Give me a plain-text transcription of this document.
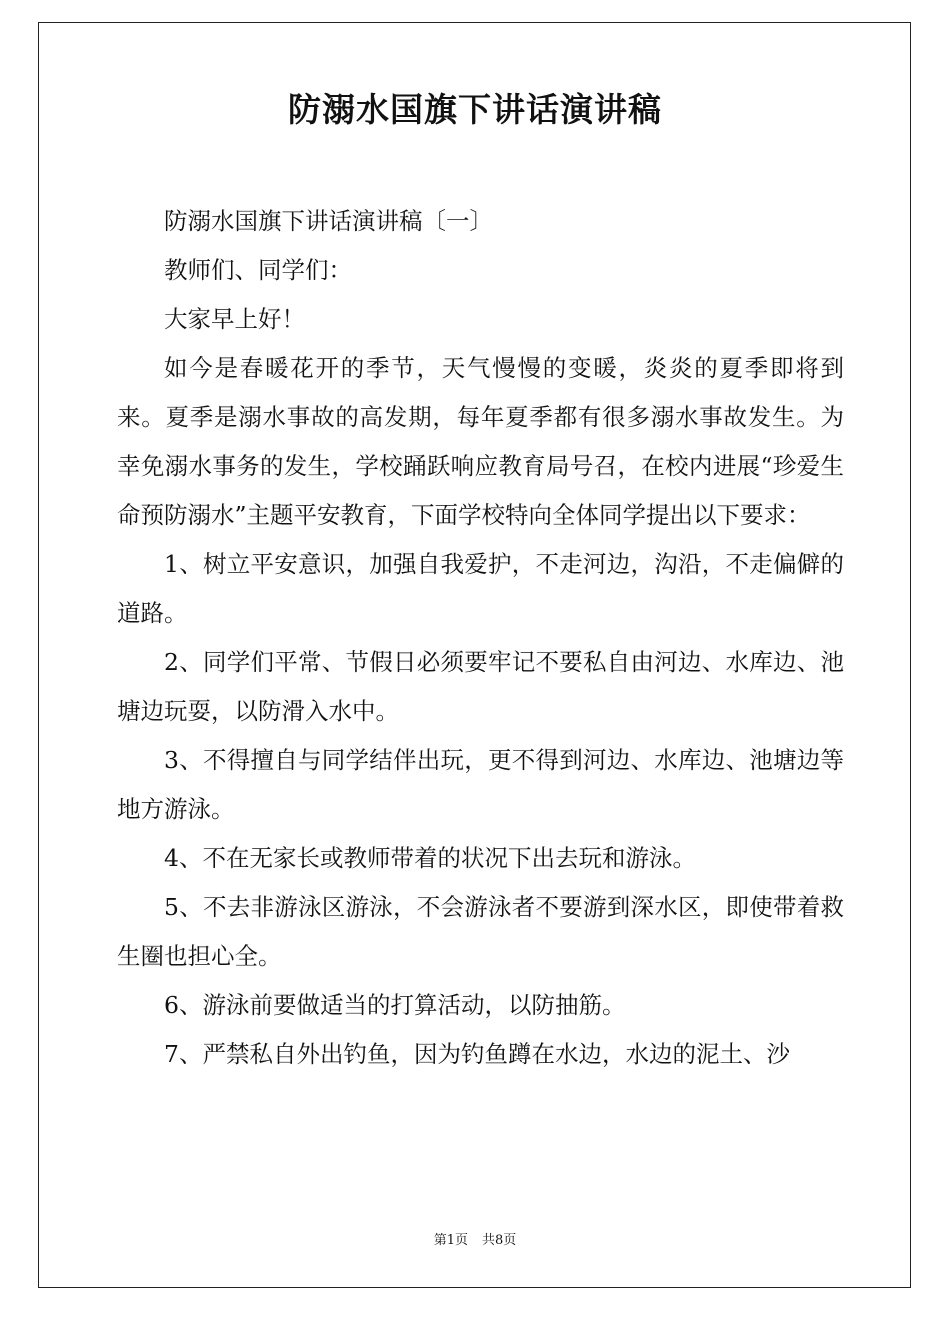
防溺水国旗下讲话演讲稿

防溺水国旗下讲话演讲稿〔一〕

教师们、同学们：

大家早上好！

如今是春暖花开的季节，天气慢慢的变暖，炎炎的夏季即将到来。夏季是溺水事故的高发期，每年夏季都有很多溺水事故发生。为幸免溺水事务的发生，学校踊跃响应教育局号召，在校内进展“珍爱生命预防溺水”主题平安教育，下面学校特向全体同学提出以下要求：

1、树立平安意识，加强自我爱护，不走河边，沟沿，不走偏僻的道路。

2、同学们平常、节假日必须要牢记不要私自由河边、水库边、池塘边玩耍，以防滑入水中。

3、不得擅自与同学结伴出玩，更不得到河边、水库边、池塘边等地方游泳。

4、不在无家长或教师带着的状况下出去玩和游泳。

5、不去非游泳区游泳，不会游泳者不要游到深水区，即使带着救生圈也担心全。

6、游泳前要做适当的打算活动，以防抽筋。

7、严禁私自外出钓鱼，因为钓鱼蹲在水边，水边的泥土、沙

第1页 共8页
